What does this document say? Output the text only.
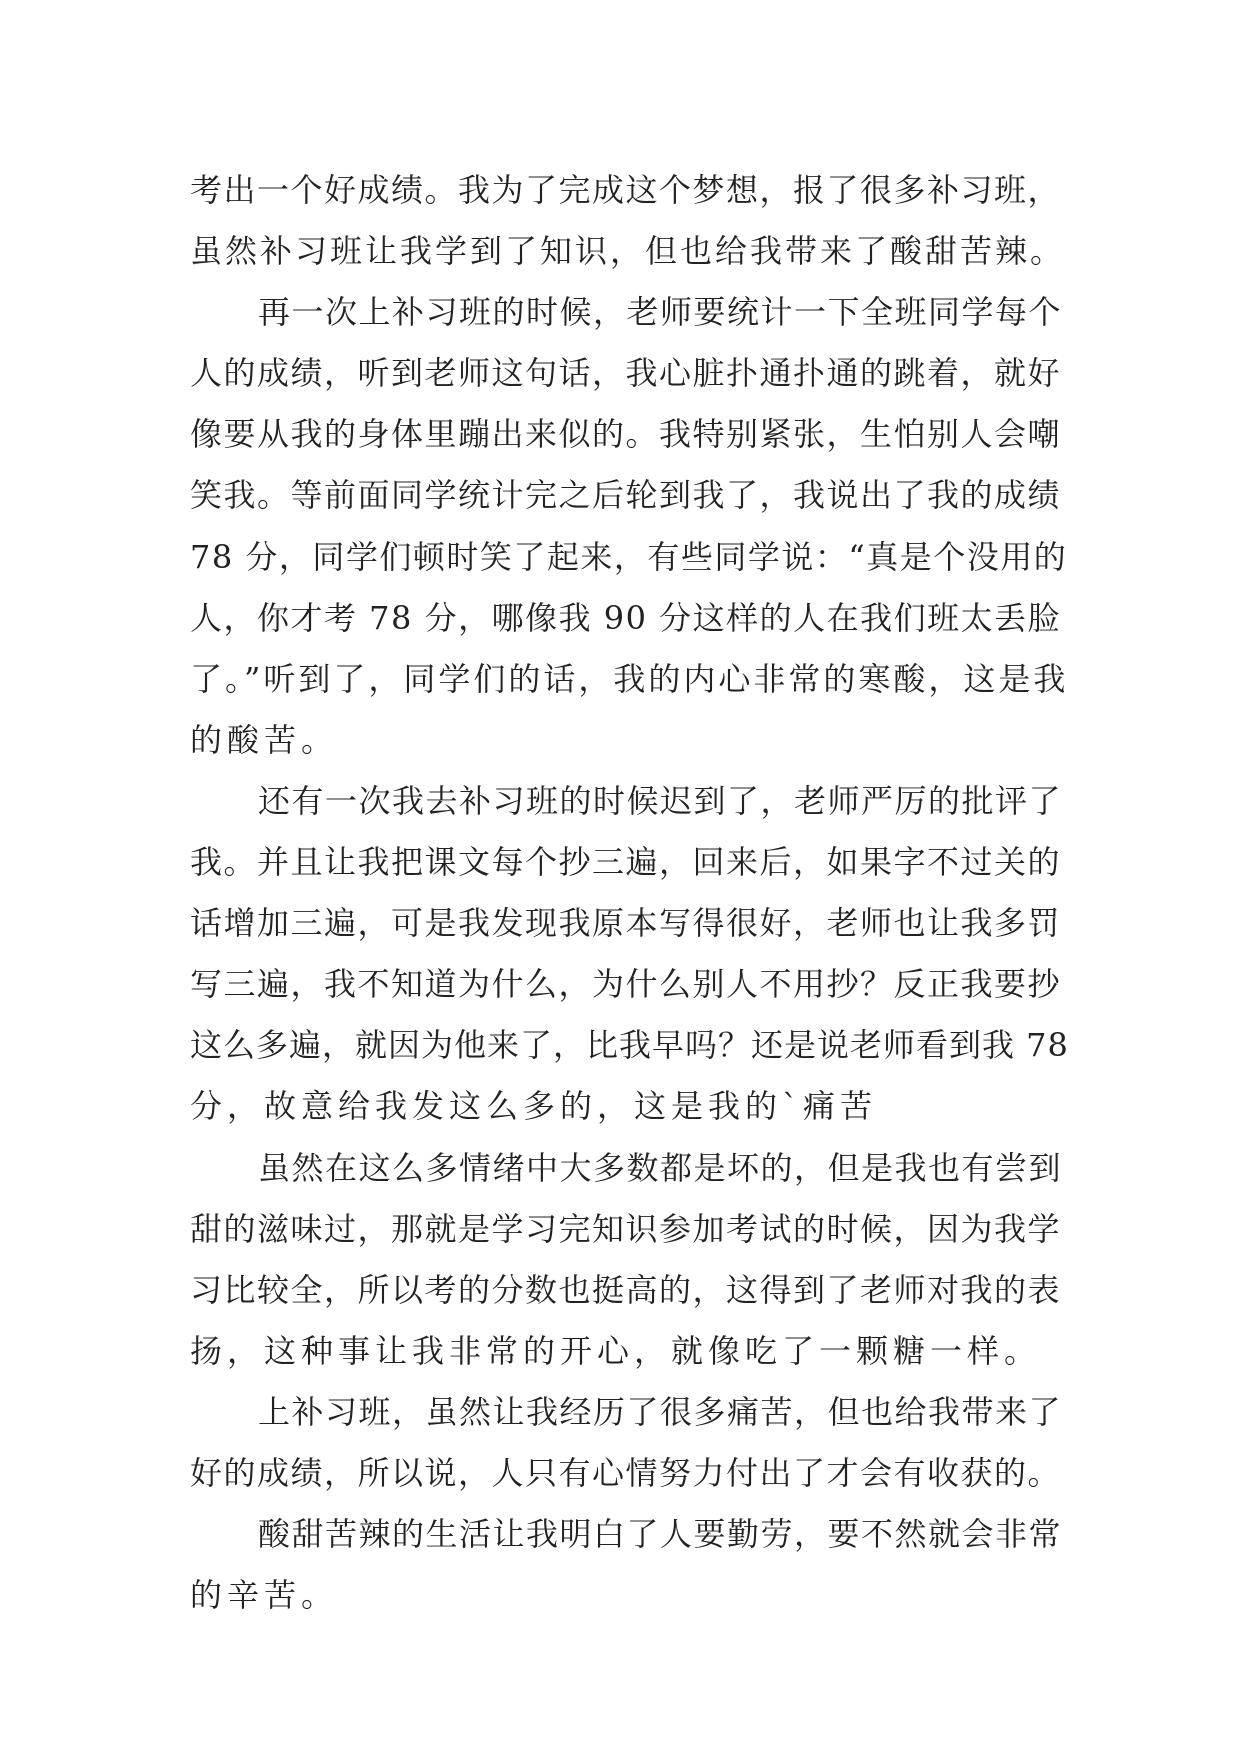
考出一个好成绩。我为了完成这个梦想，报了很多补习班，
虽然补习班让我学到了知识，但也给我带来了酸甜苦辣。
再一次上补习班的时候，老师要统计一下全班同学每个
人的成绩，听到老师这句话，我心脏扑通扑通的跳着，就好
像要从我的身体里蹦出来似的。我特别紧张，生怕别人会嘲
笑我。等前面同学统计完之后轮到我了，我说出了我的成绩
78 分，同学们顿时笑了起来，有些同学说：“真是个没用的
人，你才考 78 分，哪像我 90 分这样的人在我们班太丢脸
了。”听到了，同学们的话，我的内心非常的寒酸，这是我
的酸苦。
还有一次我去补习班的时候迟到了，老师严厉的批评了
我。并且让我把课文每个抄三遍，回来后，如果字不过关的
话增加三遍，可是我发现我原本写得很好，老师也让我多罚
写三遍，我不知道为什么，为什么别人不用抄？反正我要抄
这么多遍，就因为他来了，比我早吗？还是说老师看到我 78
分，故意给我发这么多的，这是我的`痛苦
虽然在这么多情绪中大多数都是坏的，但是我也有尝到
甜的滋味过，那就是学习完知识参加考试的时候，因为我学
习比较全，所以考的分数也挺高的，这得到了老师对我的表
扬，这种事让我非常的开心，就像吃了一颗糖一样。
上补习班，虽然让我经历了很多痛苦，但也给我带来了
好的成绩，所以说，人只有心情努力付出了才会有收获的。
酸甜苦辣的生活让我明白了人要勤劳，要不然就会非常
的辛苦。
